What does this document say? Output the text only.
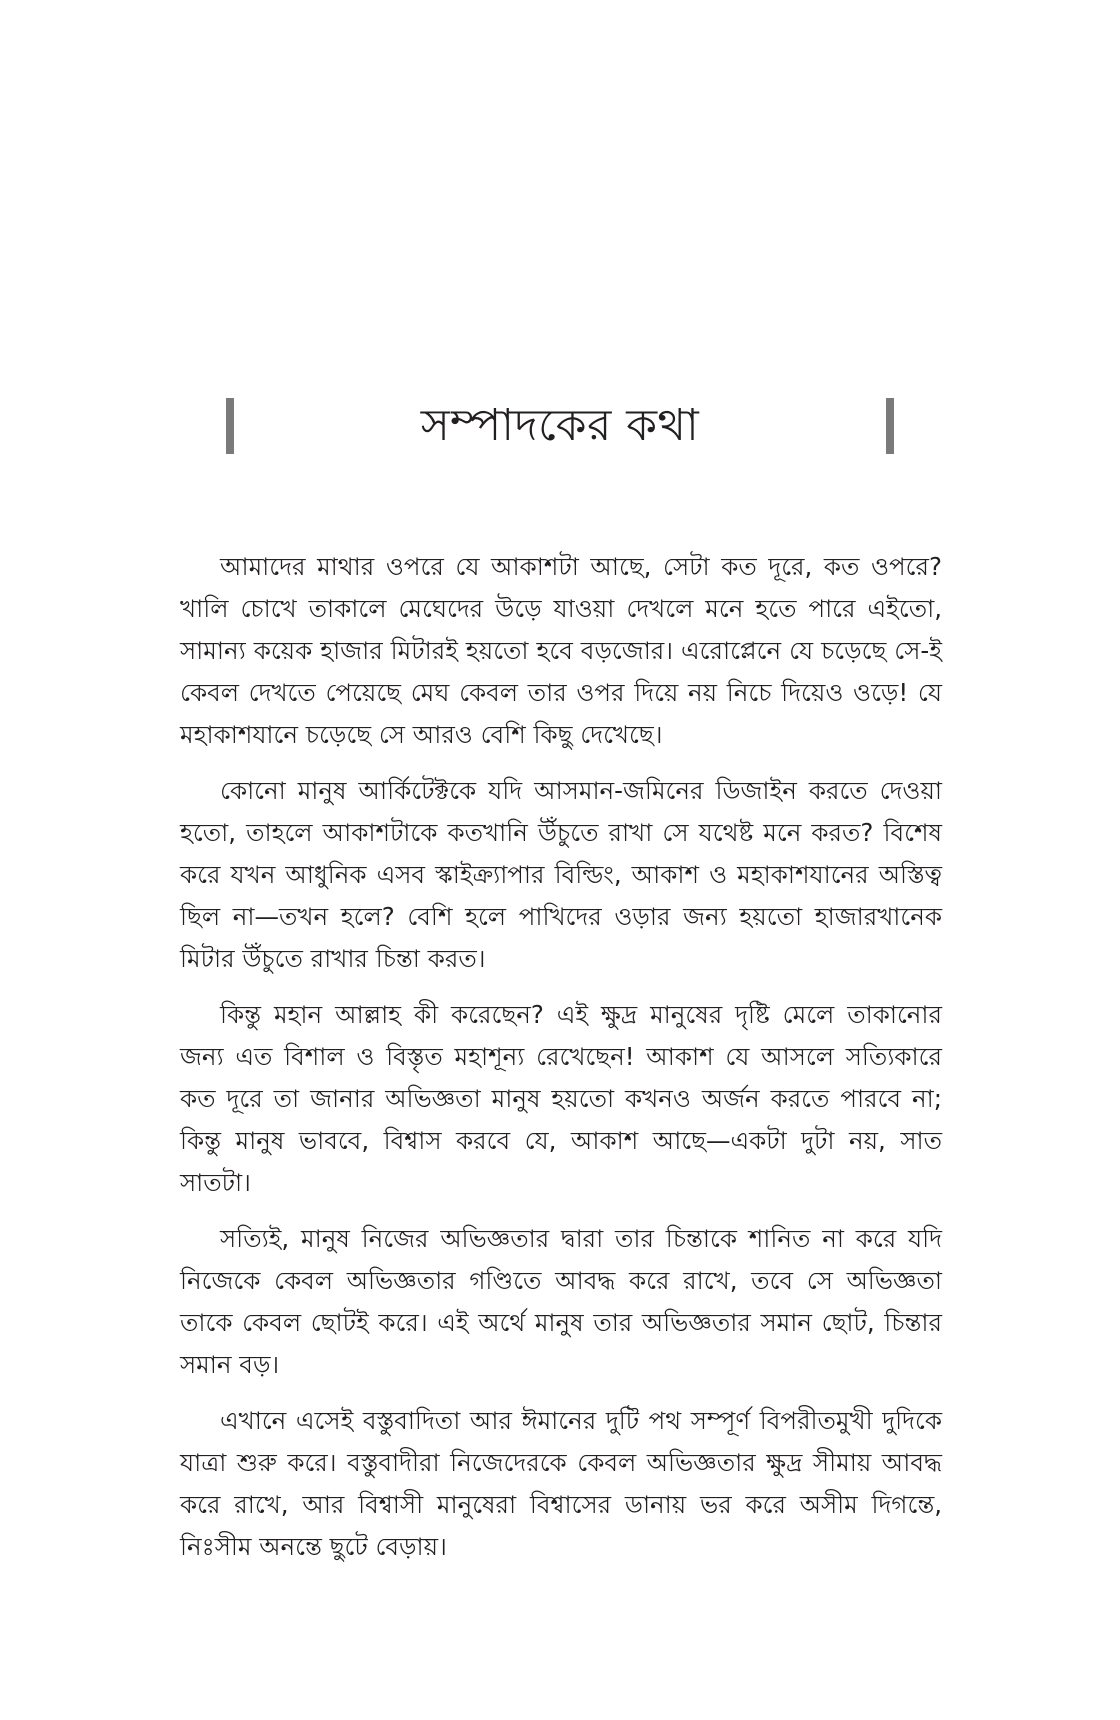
সম্পাদকের কথা

আমাদের মাথার ওপরে যে আকাশটা আছে, সেটা কত দূরে, কত ওপরে? খালি চোখে তাকালে মেঘেদের উড়ে যাওয়া দেখলে মনে হতে পারে এইতো, সামান্য কয়েক হাজার মিটারই হয়তো হবে বড়জোর। এরোপ্লেনে যে চড়েছে সে-ই কেবল দেখতে পেয়েছে মেঘ কেবল তার ওপর দিয়ে নয় নিচে দিয়েও ওড়ে! যে মহাকাশযানে চড়েছে সে আরও বেশি কিছু দেখেছে।

কোনো মানুষ আর্কিটেক্টকে যদি আসমান-জমিনের ডিজাইন করতে দেওয়া হতো, তাহলে আকাশটাকে কতখানি উঁচুতে রাখা সে যথেষ্ট মনে করত? বিশেষ করে যখন আধুনিক এসব স্কাইক্র্যাপার বিল্ডিং, আকাশ ও মহাকাশযানের অস্তিত্ব ছিল না—তখন হলে? বেশি হলে পাখিদের ওড়ার জন্য হয়তো হাজারখানেক মিটার উঁচুতে রাখার চিন্তা করত।

কিন্তু মহান আল্লাহ কী করেছেন? এই ক্ষুদ্র মানুষের দৃষ্টি মেলে তাকানোর জন্য এত বিশাল ও বিস্তৃত মহাশূন্য রেখেছেন! আকাশ যে আসলে সত্যিকারে কত দূরে তা জানার অভিজ্ঞতা মানুষ হয়তো কখনও অর্জন করতে পারবে না; কিন্তু মানুষ ভাববে, বিশ্বাস করবে যে, আকাশ আছে—একটা দুটা নয়, সাত সাতটা।

সত্যিই, মানুষ নিজের অভিজ্ঞতার দ্বারা তার চিন্তাকে শানিত না করে যদি নিজেকে কেবল অভিজ্ঞতার গণ্ডিতে আবদ্ধ করে রাখে, তবে সে অভিজ্ঞতা তাকে কেবল ছোটই করে। এই অর্থে মানুষ তার অভিজ্ঞতার সমান ছোট, চিন্তার সমান বড়।

এখানে এসেই বস্তুবাদিতা আর ঈমানের দুটি পথ সম্পূর্ণ বিপরীতমুখী দুদিকে যাত্রা শুরু করে। বস্তুবাদীরা নিজেদেরকে কেবল অভিজ্ঞতার ক্ষুদ্র সীমায় আবদ্ধ করে রাখে, আর বিশ্বাসী মানুষেরা বিশ্বাসের ডানায় ভর করে অসীম দিগন্তে, নিঃসীম অনন্তে ছুটে বেড়ায়।
